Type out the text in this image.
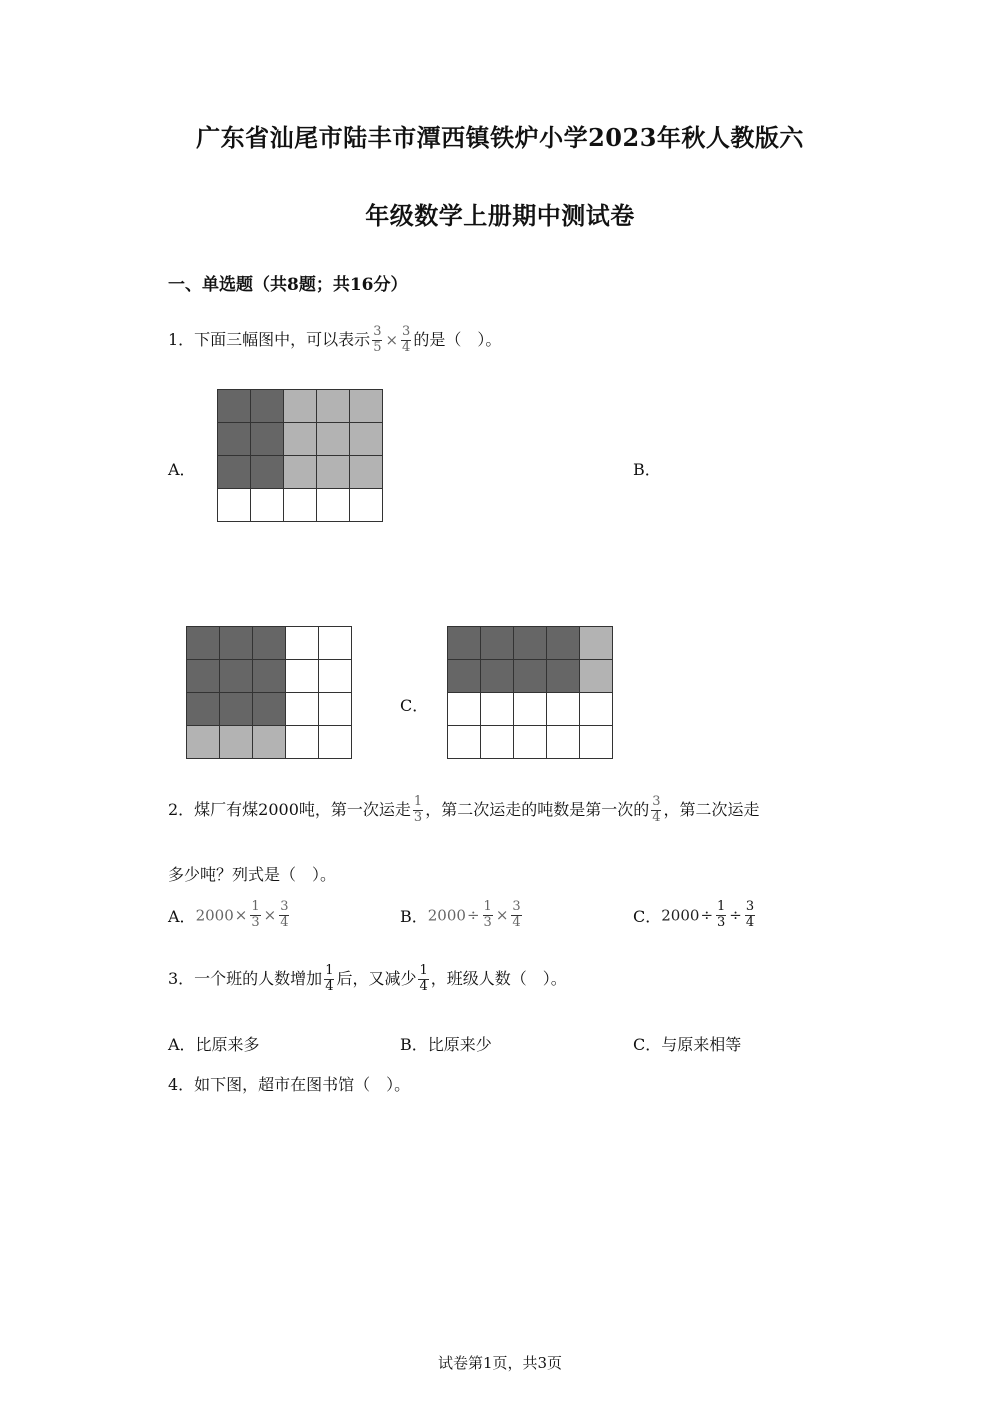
广东省汕尾市陆丰市潭西镇铁炉小学2023年秋人教版六
年级数学上册期中测试卷
一、单选题（共8题；共16分）
1．下面三幅图中，可以表示 $\frac{3}{5} \times \frac{3}{4}$ 的是（　）。
A．	B．
C．
2．煤厂有煤2000吨，第一次运走 $\frac{1}{3}$ ，第二次运走的吨数是第一次的 $\frac{3}{4}$ ，第二次运走
多少吨？列式是（　）。
A．$2000\times \frac{1}{3} \times \frac{3}{4}$	B．$2000\div \frac{1}{3} \times \frac{3}{4}$	C．$2000\div \frac{1}{3} \div \frac{3}{4}$
3．一个班的人数增加 $\frac{1}{4}$ 后，又减少 $\frac{1}{4}$ ，班级人数（　）。
A．比原来多	B．比原来少	C．与原来相等
4．如下图，超市在图书馆（　）。
试卷第1页，共3页
